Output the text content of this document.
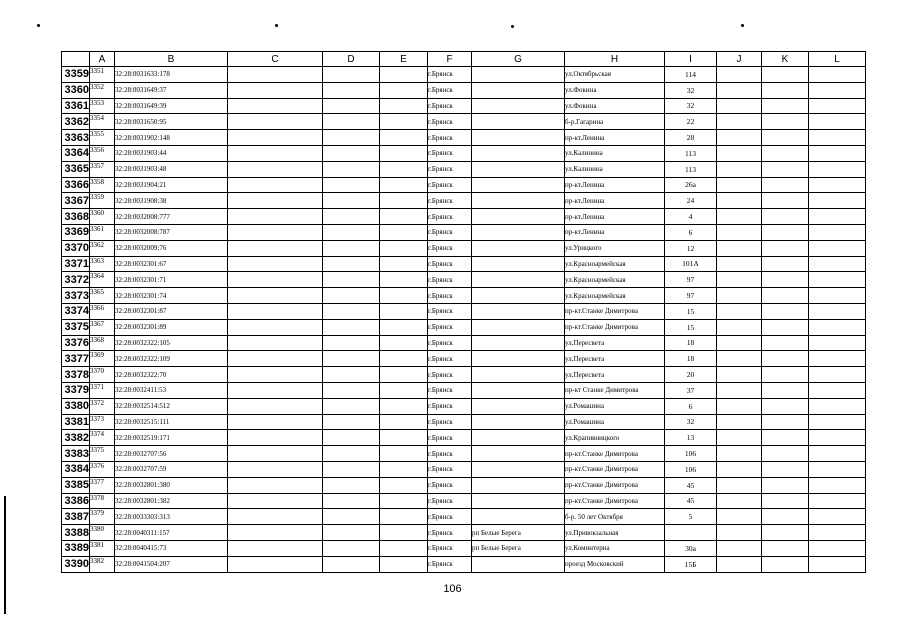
	A	B	C	D	E	F	G	H	I	J	K	L
3359	3351	32:28:0031633:178				г.Брянск		ул.Октябрьская	114			
3360	3352	32:28:0031649:37				г.Брянск		ул.Фокина	32			
3361	3353	32:28:0031649:39				г.Брянск		ул.Фокина	32			
3362	3354	32:28:0031650:95				г.Брянск		б-р.Гагарина	22			
3363	3355	32:28:0031902:148				г.Брянск		пр-кт.Ленина	28			
3364	3356	32:28:0031903:44				г.Брянск		ул.Калинина	113			
3365	3357	32:28:0031903:48				г.Брянск		ул.Калинина	113			
3366	3358	32:28:0031904:21				г.Брянск		пр-кт.Ленина	26а			
3367	3359	32:28:0031908:38				г.Брянск		пр-кт.Ленина	24			
3368	3360	32:28:0032008:777				г.Брянск		пр-кт.Ленина	4			
3369	3361	32:28:0032008:787				г.Брянск		пр-кт.Ленина	6			
3370	3362	32:28:0032009:76				г.Брянск		ул.Урицкого	12			
3371	3363	32:28:0032301:67				г.Брянск		ул.Красноармейская	101А			
3372	3364	32:28:0032301:71				г.Брянск		ул.Красноармейская	97			
3373	3365	32:28:0032301:74				г.Брянск		ул.Красноармейская	97			
3374	3366	32:28:0032301:87				г.Брянск		пр-кт.Станке Димитрова	15			
3375	3367	32:28:0032301:89				г.Брянск		пр-кт.Станке Димитрова	15			
3376	3368	32:28:0032322:105				г.Брянск		ул.Пересвета	18			
3377	3369	32:28:0032322:109				г.Брянск		ул.Пересвета	18			
3378	3370	32:28:0032322:70				г.Брянск		ул.Пересвета	20			
3379	3371	32:28:0032411:53				г.Брянск		пр-кт Станке Димитрова	37			
3380	3372	32:28:0032514:512				г.Брянск		ул.Ромашина	6			
3381	3373	32:28:0032515:111				г.Брянск		ул.Ромашина	32			
3382	3374	32:28:0032519:171				г.Брянск		ул.Крапивницкого	13			
3383	3375	32:28:0032707:56				г.Брянск		пр-кт.Станке Димитрова	106			
3384	3376	32:28:0032707:59				г.Брянск		пр-кт.Станке Димитрова	106			
3385	3377	32:28:0032801:380				г.Брянск		пр-кт.Станке Димитрова	45			
3386	3378	32:28:0032801:382				г.Брянск		пр-кт.Станке Димитрова	45			
3387	3379	32:28:0033303:313				г.Брянск		б-р. 50 лет Октября	5			
3388	3380	32:28:0040311:157				г.Брянск	рп Белые Берега	ул.Привокзальная				
3389	3381	32:28:0040415:73				г.Брянск	рп Белые Берега	ул.Коминтерна	30а			
3390	3382	32:28:0041504:207				г.Брянск		проезд Московский	15Б			
106
